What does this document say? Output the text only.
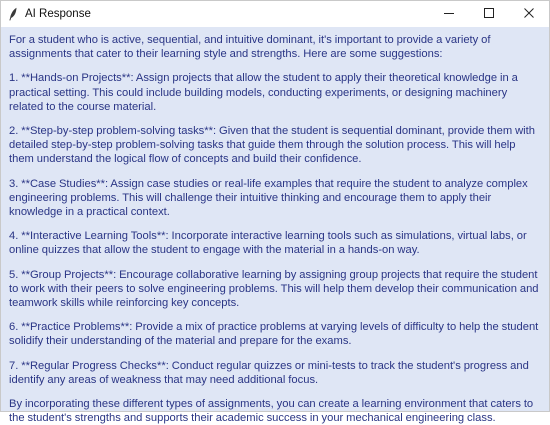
AI Response

For a student who is active, sequential, and intuitive dominant, it's important to provide a variety of assignments that cater to their learning style and strengths. Here are some suggestions:

1. **Hands-on Projects**: Assign projects that allow the student to apply their theoretical knowledge in a practical setting. This could include building models, conducting experiments, or designing machinery related to the course material.

2. **Step-by-step problem-solving tasks**: Given that the student is sequential dominant, provide them with detailed step-by-step problem-solving tasks that guide them through the solution process. This will help them understand the logical flow of concepts and build their confidence.

3. **Case Studies**: Assign case studies or real-life examples that require the student to analyze complex engineering problems. This will challenge their intuitive thinking and encourage them to apply their knowledge in a practical context.

4. **Interactive Learning Tools**: Incorporate interactive learning tools such as simulations, virtual labs, or online quizzes that allow the student to engage with the material in a hands-on way.

5. **Group Projects**: Encourage collaborative learning by assigning group projects that require the student to work with their peers to solve engineering problems. This will help them develop their communication and teamwork skills while reinforcing key concepts.

6. **Practice Problems**: Provide a mix of practice problems at varying levels of difficulty to help the student solidify their understanding of the material and prepare for the exams.

7. **Regular Progress Checks**: Conduct regular quizzes or mini-tests to track the student's progress and identify any areas of weakness that may need additional focus.

By incorporating these different types of assignments, you can create a learning environment that caters to the student's strengths and supports their academic success in your mechanical engineering class.
